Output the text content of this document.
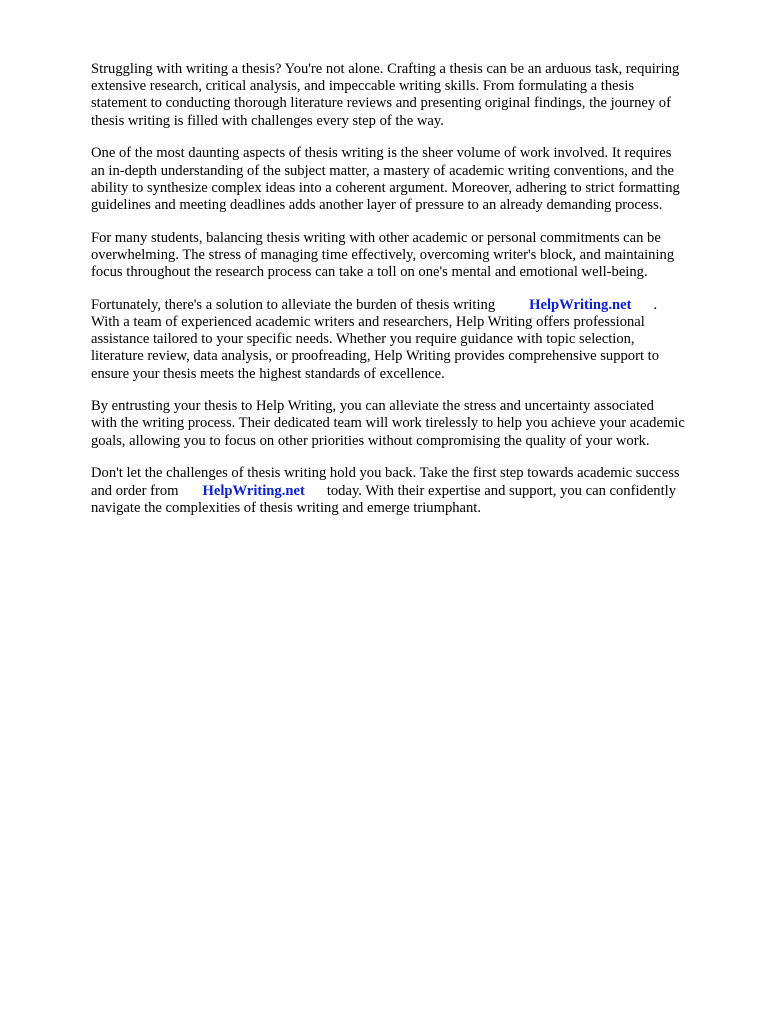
Struggling with writing a thesis? You're not alone. Crafting a thesis can be an arduous task, requiring
extensive research, critical analysis, and impeccable writing skills. From formulating a thesis
statement to conducting thorough literature reviews and presenting original findings, the journey of
thesis writing is filled with challenges every step of the way.

One of the most daunting aspects of thesis writing is the sheer volume of work involved. It requires
an in-depth understanding of the subject matter, a mastery of academic writing conventions, and the
ability to synthesize complex ideas into a coherent argument. Moreover, adhering to strict formatting
guidelines and meeting deadlines adds another layer of pressure to an already demanding process.

For many students, balancing thesis writing with other academic or personal commitments can be
overwhelming. The stress of managing time effectively, overcoming writer's block, and maintaining
focus throughout the research process can take a toll on one's mental and emotional well-being.

Fortunately, there's a solution to alleviate the burden of thesis writing HelpWriting.net .
With a team of experienced academic writers and researchers, Help Writing offers professional
assistance tailored to your specific needs. Whether you require guidance with topic selection,
literature review, data analysis, or proofreading, Help Writing provides comprehensive support to
ensure your thesis meets the highest standards of excellence.

By entrusting your thesis to Help Writing, you can alleviate the stress and uncertainty associated
with the writing process. Their dedicated team will work tirelessly to help you achieve your academic
goals, allowing you to focus on other priorities without compromising the quality of your work.

Don't let the challenges of thesis writing hold you back. Take the first step towards academic success
and order from HelpWriting.net today. With their expertise and support, you can confidently
navigate the complexities of thesis writing and emerge triumphant.
